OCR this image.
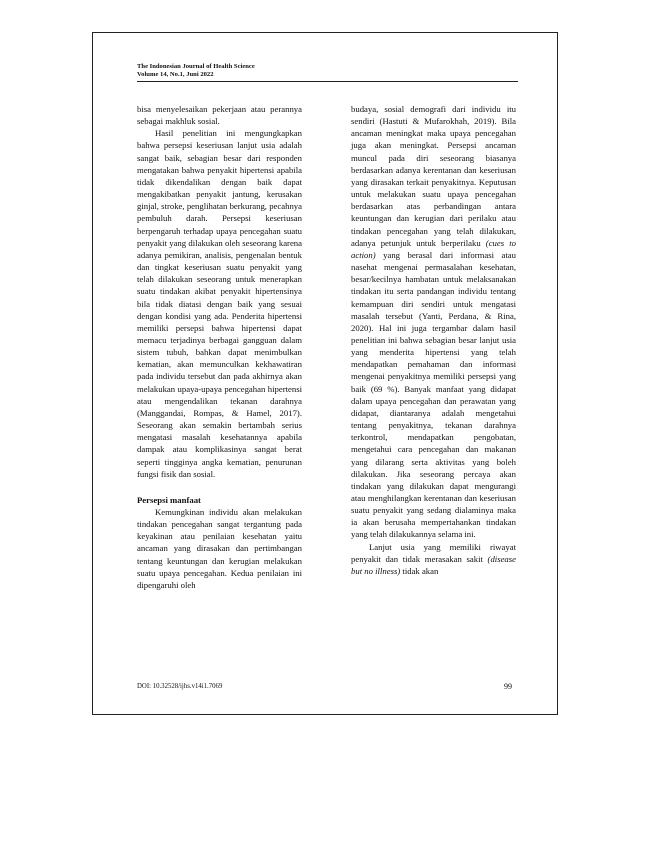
The Indonesian Journal of Health Science
Volume 14, No.1, Juni 2022

bisa menyelesaikan pekerjaan atau perannya sebagai makhluk sosial.

Hasil penelitian ini mengungkapkan bahwa persepsi keseriusan lanjut usia adalah sangat baik, sebagian besar dari responden mengatakan bahwa penyakit hipertensi apabila tidak dikendalikan dengan baik dapat mengakibatkan penyakit jantung, kerusakan ginjal, stroke, penglihatan berkurang, pecahnya pembuluh darah. Persepsi keseriusan berpengaruh terhadap upaya pencegahan suatu penyakit yang dilakukan oleh seseorang karena adanya pemikiran, analisis, pengenalan bentuk dan tingkat keseriusan suatu penyakit yang telah dilakukan seseorang untuk menerapkan suatu tindakan akibat penyakit hipertensinya bila tidak diatasi dengan baik yang sesuai dengan kondisi yang ada. Penderita hipertensi memiliki persepsi bahwa hipertensi dapat memacu terjadinya berbagai gangguan dalam sistem tubuh, bahkan dapat menimbulkan kematian, akan memunculkan kekhawatiran pada individu tersebut dan pada akhirnya akan melakukan upaya-upaya pencegahan hipertensi atau mengendalikan tekanan darahnya (Manggandai, Rompas, & Hamel, 2017). Seseorang akan semakin bertambah serius mengatasi masalah kesehatannya apabila dampak atau komplikasinya sangat berat seperti tingginya angka kematian, penurunan fungsi fisik dan sosial.

Persepsi manfaat

Kemungkinan individu akan melakukan tindakan pencegahan sangat tergantung pada keyakinan atau penilaian kesehatan yaitu ancaman yang dirasakan dan pertimbangan tentang keuntungan dan kerugian melakukan suatu upaya pencegahan. Kedua penilaian ini dipengaruhi oleh

budaya, sosial demografi dari individu itu sendiri (Hastuti & Mufarokhah, 2019). Bila ancaman meningkat maka upaya pencegahan juga akan meningkat. Persepsi ancaman muncul pada diri seseorang biasanya berdasarkan adanya kerentanan dan keseriusan yang dirasakan terkait penyakitnya. Keputusan untuk melakukan suatu upaya pencegahan berdasarkan atas perbandingan antara keuntungan dan kerugian dari perilaku atau tindakan pencegahan yang telah dilakukan, adanya petunjuk untuk berperilaku (cues to action) yang berasal dari informasi atau nasehat mengenai permasalahan kesehatan, besar/kecilnya hambatan untuk melaksanakan tindakan itu serta pandangan individu tentang kemampuan diri sendiri untuk mengatasi masalah tersebut (Yanti, Perdana, & Rina, 2020). Hal ini juga tergambar dalam hasil penelitian ini bahwa sebagian besar lanjut usia yang menderita hipertensi yang telah mendapatkan pemahaman dan informasi mengenai penyakitnya memiliki persepsi yang baik (69 %). Banyak manfaat yang didapat dalam upaya pencegahan dan perawatan yang didapat, diantaranya adalah mengetahui tentang penyakitnya, tekanan darahnya terkontrol, mendapatkan pengobatan, mengetahui cara pencegahan dan makanan yang dilarang serta aktivitas yang boleh dilakukan. Jika seseorang percaya akan tindakan yang dilakukan dapat mengurangi atau menghilangkan kerentanan dan keseriusan suatu penyakit yang sedang dialaminya maka ia akan berusaha mempertahankan tindakan yang telah dilakukannya selama ini.

Lanjut usia yang memiliki riwayat penyakit dan tidak merasakan sakit (disease but no illness) tidak akan

DOI: 10.32528/ijhs.v14i1.7069	99
